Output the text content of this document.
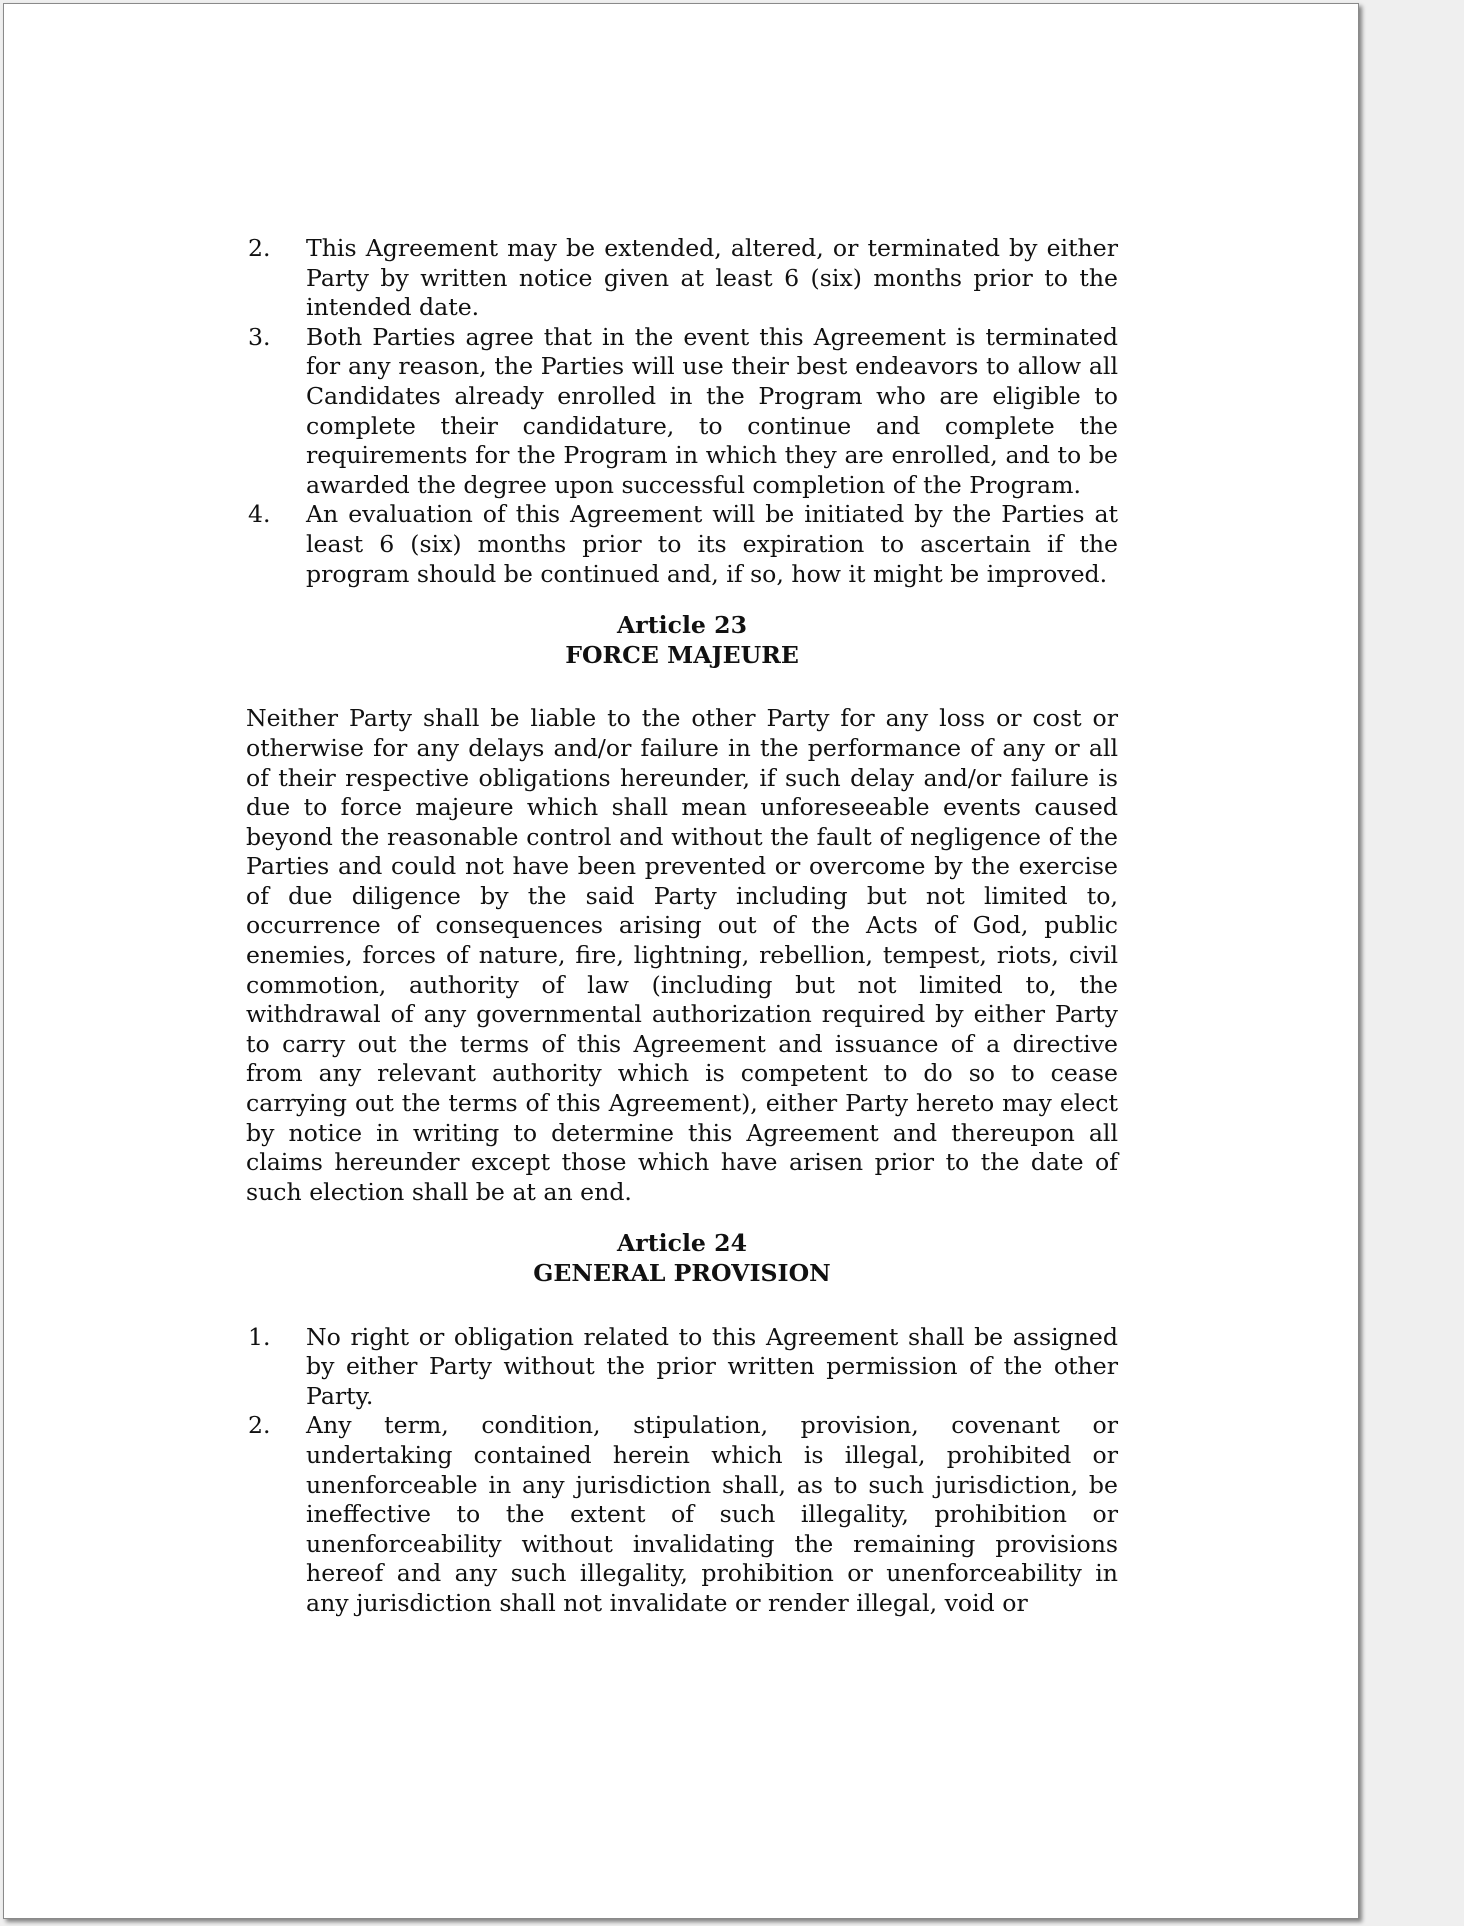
2. This Agreement may be extended, altered, or terminated by either Party by written notice given at least 6 (six) months prior to the intended date.
3. Both Parties agree that in the event this Agreement is terminated for any reason, the Parties will use their best endeavors to allow all Candidates already enrolled in the Program who are eligible to complete their candidature, to continue and complete the requirements for the Program in which they are enrolled, and to be awarded the degree upon successful completion of the Program.
4. An evaluation of this Agreement will be initiated by the Parties at least 6 (six) months prior to its expiration to ascertain if the program should be continued and, if so, how it might be improved.

Article 23

FORCE MAJEURE

Neither Party shall be liable to the other Party for any loss or cost or otherwise for any delays and/or failure in the performance of any or all of their respective obligations hereunder, if such delay and/or failure is due to force majeure which shall mean unforeseeable events caused beyond the reasonable control and without the fault of negligence of the Parties and could not have been prevented or overcome by the exercise of due diligence by the said Party including but not limited to, occurrence of consequences arising out of the Acts of God, public enemies, forces of nature, fire, lightning, rebellion, tempest, riots, civil commotion, authority of law (including but not limited to, the withdrawal of any governmental authorization required by either Party to carry out the terms of this Agreement and issuance of a directive from any relevant authority which is competent to do so to cease carrying out the terms of this Agreement), either Party hereto may elect by notice in writing to determine this Agreement and thereupon all claims hereunder except those which have arisen prior to the date of such election shall be at an end.

Article 24

GENERAL PROVISION

1. No right or obligation related to this Agreement shall be assigned by either Party without the prior written permission of the other Party.
2. Any term, condition, stipulation, provision, covenant or undertaking contained herein which is illegal, prohibited or unenforceable in any jurisdiction shall, as to such jurisdiction, be ineffective to the extent of such illegality, prohibition or unenforceability without invalidating the remaining provisions hereof and any such illegality, prohibition or unenforceability in any jurisdiction shall not invalidate or render illegal, void or
